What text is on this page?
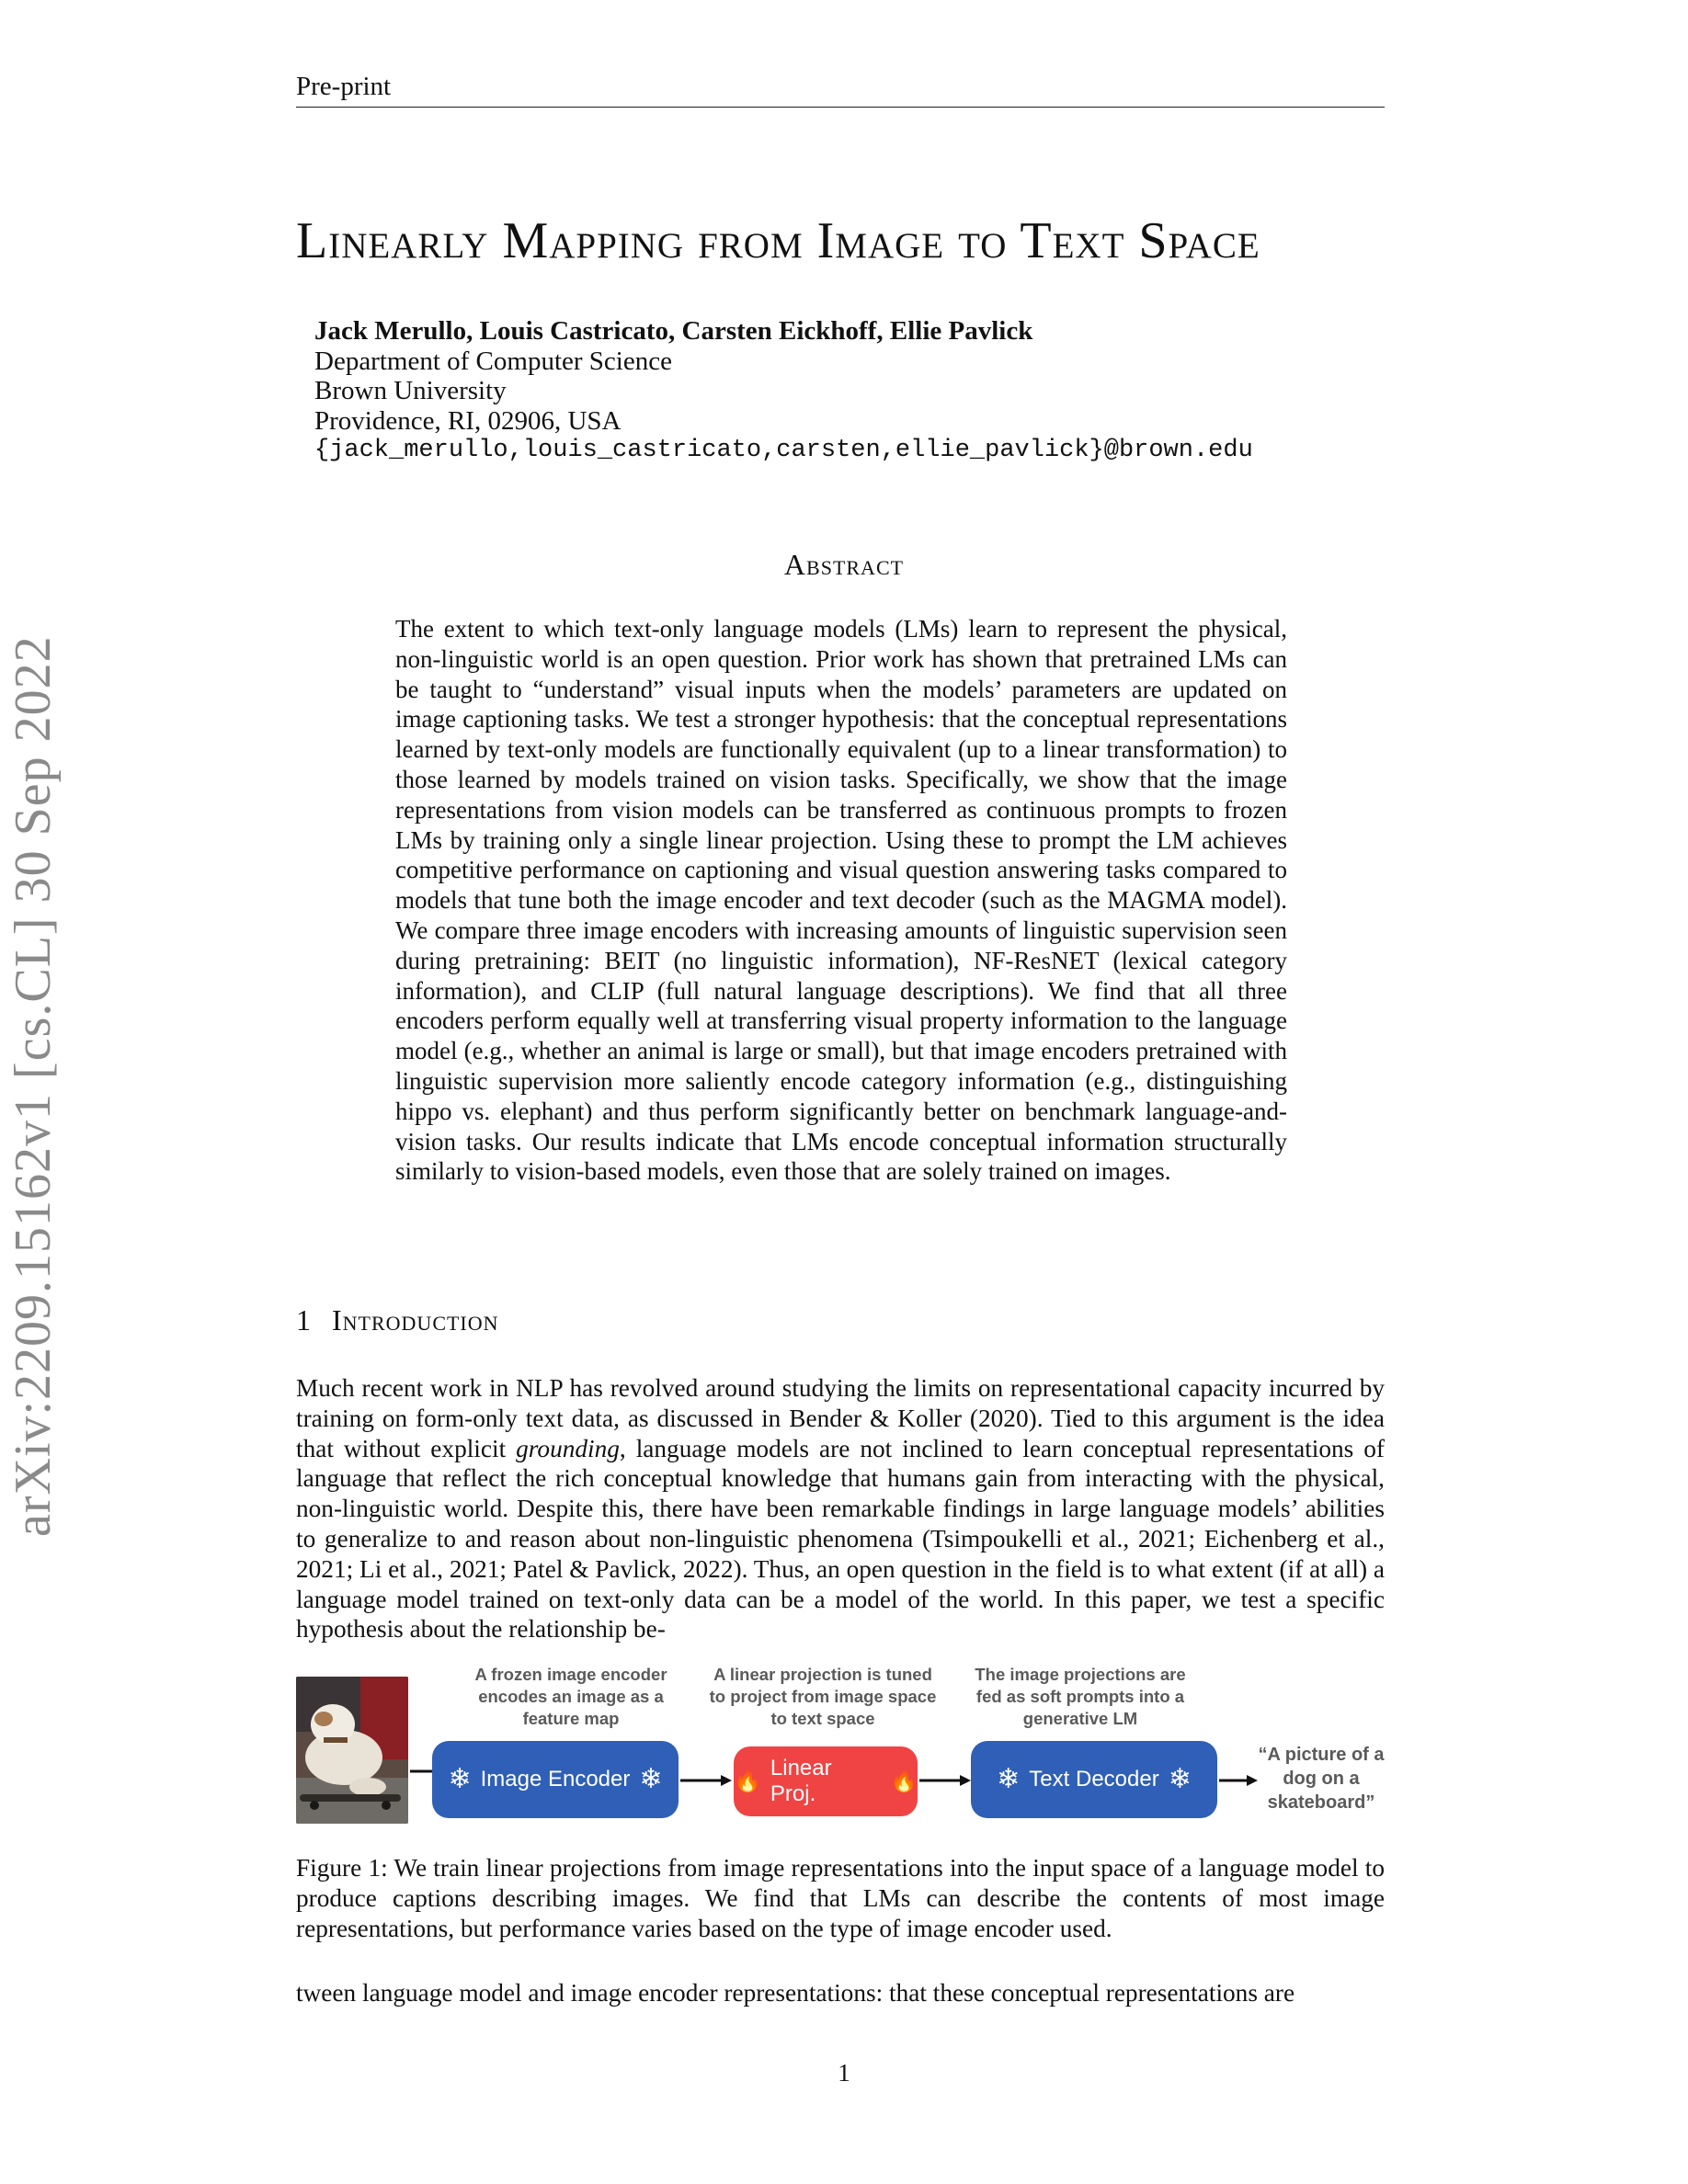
Pre-print
Linearly Mapping from Image to Text Space
Jack Merullo, Louis Castricato, Carsten Eickhoff, Ellie Pavlick
Department of Computer Science
Brown University
Providence, RI, 02906, USA
{jack_merullo,louis_castricato,carsten,ellie_pavlick}@brown.edu
arXiv:2209.15162v1 [cs.CL] 30 Sep 2022
Abstract
The extent to which text-only language models (LMs) learn to represent the physical, non-linguistic world is an open question. Prior work has shown that pretrained LMs can be taught to “understand” visual inputs when the models’ parameters are updated on image captioning tasks. We test a stronger hypothesis: that the conceptual representations learned by text-only models are functionally equivalent (up to a linear transformation) to those learned by models trained on vision tasks. Specifically, we show that the image representations from vision models can be transferred as continuous prompts to frozen LMs by training only a single linear projection. Using these to prompt the LM achieves competitive performance on captioning and visual question answering tasks compared to models that tune both the image encoder and text decoder (such as the MAGMA model). We compare three image encoders with increasing amounts of linguistic supervision seen during pretraining: BEIT (no linguistic information), NF-ResNET (lexical category information), and CLIP (full natural language descriptions). We find that all three encoders perform equally well at transferring visual property information to the language model (e.g., whether an animal is large or small), but that image encoders pretrained with linguistic supervision more saliently encode category information (e.g., distinguishing hippo vs. elephant) and thus perform significantly better on benchmark language-and-vision tasks. Our results indicate that LMs encode conceptual information structurally similarly to vision-based models, even those that are solely trained on images.
1 Introduction
Much recent work in NLP has revolved around studying the limits on representational capacity incurred by training on form-only text data, as discussed in Bender & Koller (2020). Tied to this argument is the idea that without explicit grounding, language models are not inclined to learn conceptual representations of language that reflect the rich conceptual knowledge that humans gain from interacting with the physical, non-linguistic world. Despite this, there have been remarkable findings in large language models’ abilities to generalize to and reason about non-linguistic phenomena (Tsimpoukelli et al., 2021; Eichenberg et al., 2021; Li et al., 2021; Patel & Pavlick, 2022). Thus, an open question in the field is to what extent (if at all) a language model trained on text-only data can be a model of the world. In this paper, we test a specific hypothesis about the relationship be-
A frozen image encoder encodes an image as a feature map
❄ Image Encoder ❄
A linear projection is tuned to project from image space to text space
🔥
Linear Proj.
🔥
The image projections are fed as soft prompts into a generative LM
❄ Text Decoder ❄
“A picture of a dog on a skateboard”
Figure 1: We train linear projections from image representations into the input space of a language model to produce captions describing images. We find that LMs can describe the contents of most image representations, but performance varies based on the type of image encoder used.
tween language model and image encoder representations: that these conceptual representations are
1
